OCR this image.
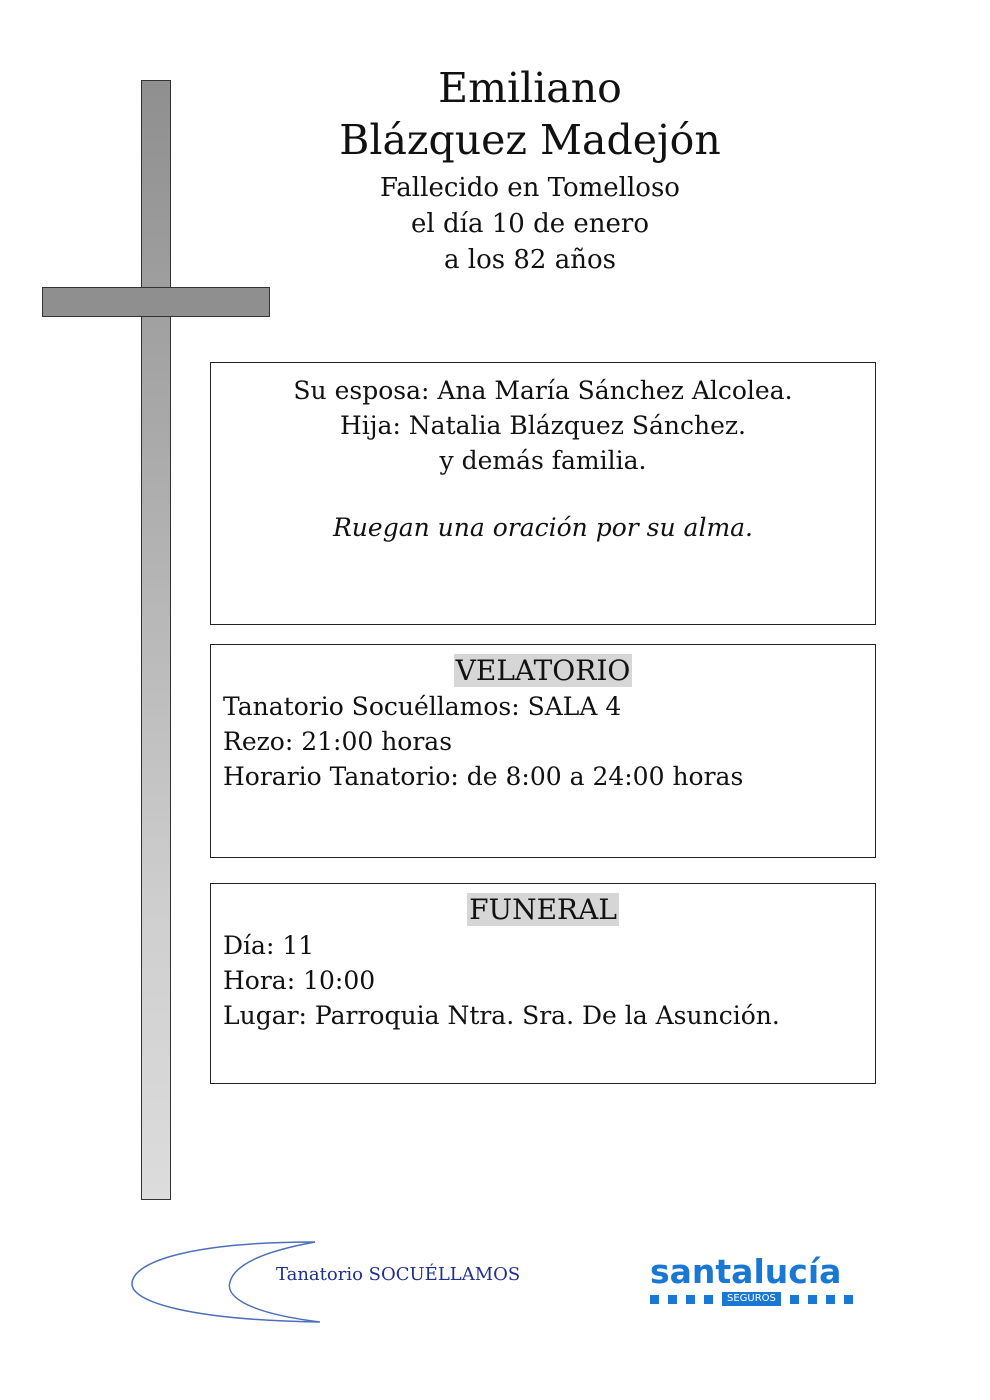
Emiliano
Blázquez Madejón
Fallecido en Tomelloso
el día 10 de enero
a los 82 años
Su esposa: Ana María Sánchez Alcolea.
Hija: Natalia Blázquez Sánchez.
y demás familia.
Ruegan una oración por su alma.
VELATORIO
Tanatorio Socuéllamos: SALA 4
Rezo: 21:00 horas
Horario Tanatorio: de 8:00 a 24:00 horas
FUNERAL
Día: 11
Hora: 10:00
Lugar: Parroquia Ntra. Sra. De la Asunción.
Tanatorio SOCUÉLLAMOS	santalucía
SEGUROS
